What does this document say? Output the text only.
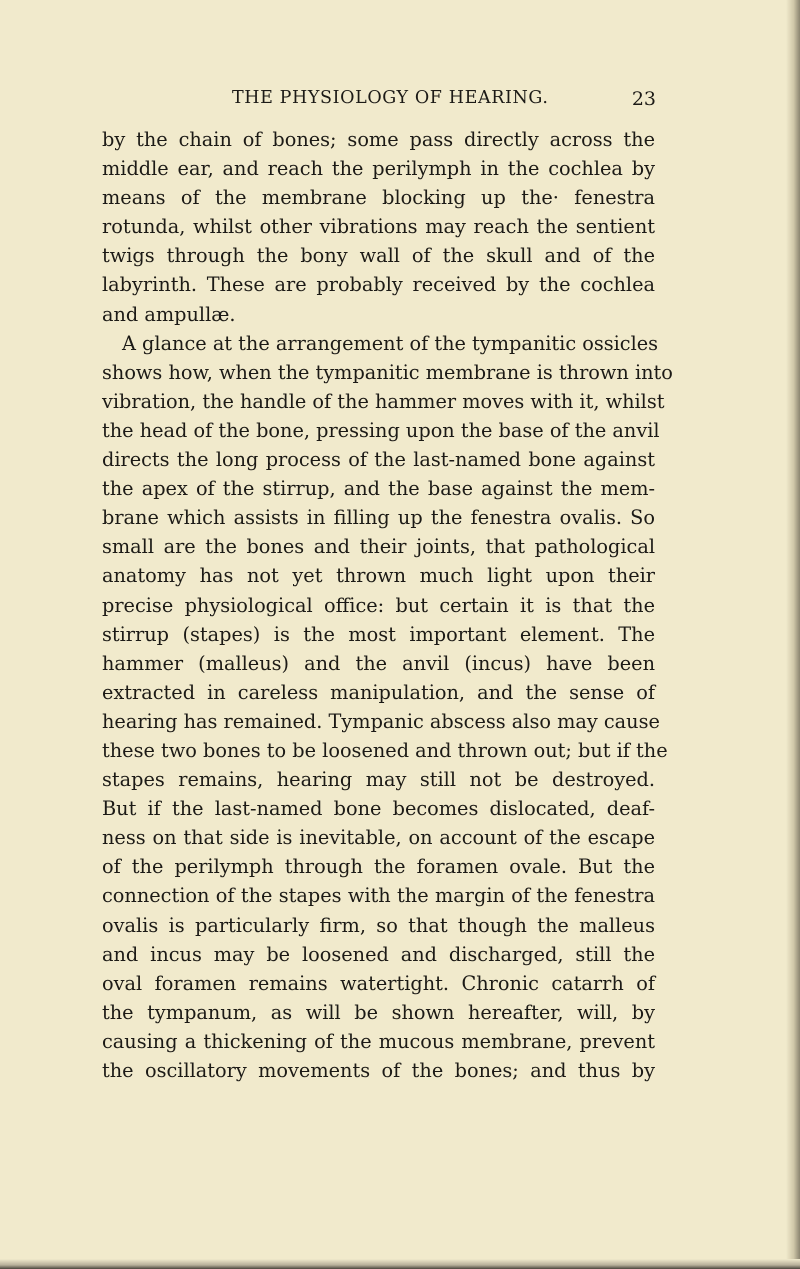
THE PHYSIOLOGY OF HEARING.	23
by the chain of bones; some pass directly across the
middle ear, and reach the perilymph in the cochlea by
means of the membrane blocking up the· fenestra
rotunda, whilst other vibrations may reach the sentient
twigs through the bony wall of the skull and of the
labyrinth. These are probably received by the cochlea
and ampullæ.
A glance at the arrangement of the tympanitic ossicles
shows how, when the tympanitic membrane is thrown into
vibration, the handle of the hammer moves with it, whilst
the head of the bone, pressing upon the base of the anvil
directs the long process of the last-named bone against
the apex of the stirrup, and the base against the mem-
brane which assists in filling up the fenestra ovalis. So
small are the bones and their joints, that pathological
anatomy has not yet thrown much light upon their
precise physiological office: but certain it is that the
stirrup (stapes) is the most important element. The
hammer (malleus) and the anvil (incus) have been
extracted in careless manipulation, and the sense of
hearing has remained. Tympanic abscess also may cause
these two bones to be loosened and thrown out; but if the
stapes remains, hearing may still not be destroyed.
But if the last-named bone becomes dislocated, deaf-
ness on that side is inevitable, on account of the escape
of the perilymph through the foramen ovale. But the
connection of the stapes with the margin of the fenestra
ovalis is particularly firm, so that though the malleus
and incus may be loosened and discharged, still the
oval foramen remains watertight. Chronic catarrh of
the tympanum, as will be shown hereafter, will, by
causing a thickening of the mucous membrane, prevent
the oscillatory movements of the bones; and thus by
